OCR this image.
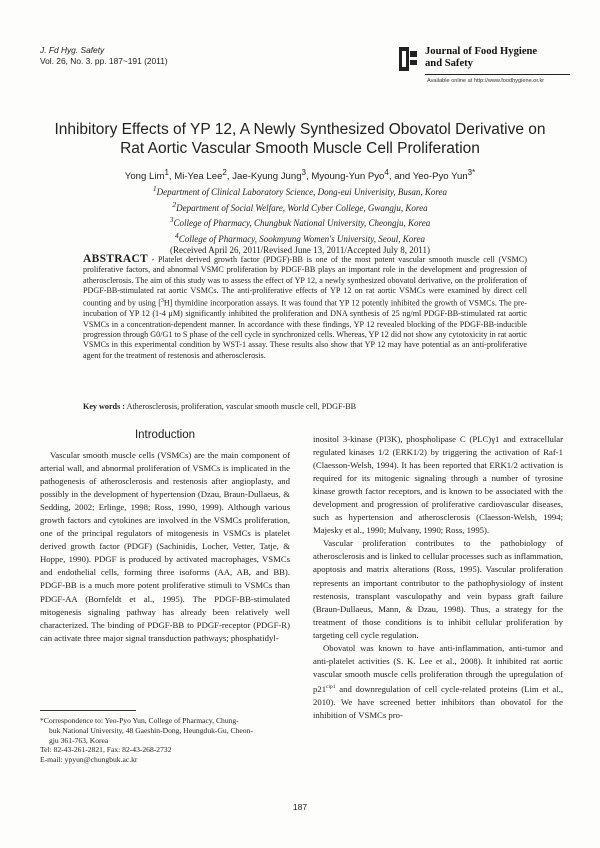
J. Fd Hyg. Safety
Vol. 26, No. 3. pp. 187~191 (2011)
Journal of Food Hygiene
and Safety
Available online at http://www.foodhygiene.or.kr
Inhibitory Effects of YP 12, A Newly Synthesized Obovatol Derivative on
Rat Aortic Vascular Smooth Muscle Cell Proliferation
Yong Lim$^1$, Mi-Yea Lee$^2$, Jae-Kyung Jung$^3$, Myoung-Yun Pyo$^4$, and Yeo-Pyo Yun$^{3*}$
$^1$Department of Clinical Laboratory Science, Dong-eui Univerisity, Busan, Korea
$^2$Department of Social Welfare, World Cyber College, Gwangju, Korea
$^3$College of Pharmacy, Chungbuk National University, Cheongju, Korea
$^4$College of Pharmacy, Sookmyung Women's University, Seoul, Korea
(Received April 26, 2011/Revised June 13, 2011/Accepted July 8, 2011)
ABSTRACT - Platelet derived growth factor (PDGF)-BB is one of the most potent vascular smooth muscle cell (VSMC) proliferative factors, and abnormal VSMC proliferation by PDGF-BB plays an important role in the development and progression of atherosclerosis. The aim of this study was to assess the effect of YP 12, a newly synthesized obovatol derivative, on the proliferation of PDGF-BB-stimulated rat aortic VSMCs. The anti-proliferative effects of YP 12 on rat aortic VSMCs were examined by direct cell counting and by using [$^3$H] thymidine incorporation assays. It was found that YP 12 potently inhibited the growth of VSMCs. The pre-incubation of YP 12 (1-4 μM) significantly inhibited the proliferation and DNA synthesis of 25 ng/ml PDGF-BB-stimulated rat aortic VSMCs in a concentration-dependent manner. In accordance with these findings, YP 12 revealed blocking of the PDGF-BB-inducible progression through G0/G1 to S phase of the cell cycle in synchronized cells. Whereas, YP 12 did not show any cytotoxicity in rat aortic VSMCs in this experimental condition by WST-1 assay. These results also show that YP 12 may have potential as an anti-proliferative agent for the treatment of restenosis and atherosclerosis.
Key words : Atherosclerosis, proliferation, vascular smooth muscle cell, PDGF-BB
Introduction

Vascular smooth muscle cells (VSMCs) are the main component of arterial wall, and abnormal proliferation of VSMCs is implicated in the pathogenesis of atherosclerosis and restenosis after angioplasty, and possibly in the development of hypertension (Dzau, Braun-Dullaeus, & Sedding, 2002; Erlinge, 1998; Ross, 1990, 1999). Although various growth factors and cytokines are involved in the VSMCs proliferation, one of the principal regulators of mitogenesis in VSMCs is platelet derived growth factor (PDGF) (Sachinidis, Locher, Vetter, Tatje, & Hoppe, 1990). PDGF is produced by activated macrophages, VSMCs and endothelial cells, forming three isoforms (AA, AB, and BB). PDGF-BB is a much more potent proliferative stimuli to VSMCs than PDGF-AA (Bornfeldt et al., 1995). The PDGF-BB-stimulated mitogenesis signaling pathway has already been relatively well characterized. The binding of PDGF-BB to PDGF-receptor (PDGF-R) can activate three major signal transduction pathways; phosphatidyl-

inositol 3-kinase (PI3K), phospholipase C (PLC)γ1 and extracellular regulated kinases 1/2 (ERK1/2) by triggering the activation of Raf-1 (Claesson-Welsh, 1994). It has been reported that ERK1/2 activation is required for its mitogenic signaling through a number of tyrosine kinase growth factor receptors, and is known to be associated with the development and progression of proliferative cardiovascular diseases, such as hypertension and atherosclerosis (Claesson-Welsh, 1994; Majesky et al., 1990; Mulvany, 1990; Ross, 1995).

Vascular proliferation contributes to the pathobiology of atherosclerosis and is linked to cellular processes such as inflammation, apoptosis and matrix alterations (Ross, 1995). Vascular proliferation represents an important contributor to the pathophysiology of instent restenosis, transplant vasculopathy and vein bypass graft failure (Braun-Dullaeus, Mann, & Dzau, 1998). Thus, a strategy for the treatment of those conditions is to inhibit cellular proliferation by targeting cell cycle regulation.

Obovatol was known to have anti-inflammation, anti-tumor and anti-platelet activities (S. K. Lee et al., 2008). It inhibited rat aortic vascular smooth muscle cells proliferation through the upregulation of $p21^{cip1}$ and downregulation of cell cycle-related proteins (Lim et al., 2010). We have screened better inhibitors than obovatol for the inhibition of VSMCs pro-

*Correspondence to: Yeo-Pyo Yun, College of Pharmacy, Chung-
buk National University, 48 Gaeshin-Dong, Heungduk-Gu, Cheon-
gju 361-763, Korea
Tel: 82-43-261-2821, Fax: 82-43-268-2732
E-mail: ypyun@chungbuk.ac.kr
187
